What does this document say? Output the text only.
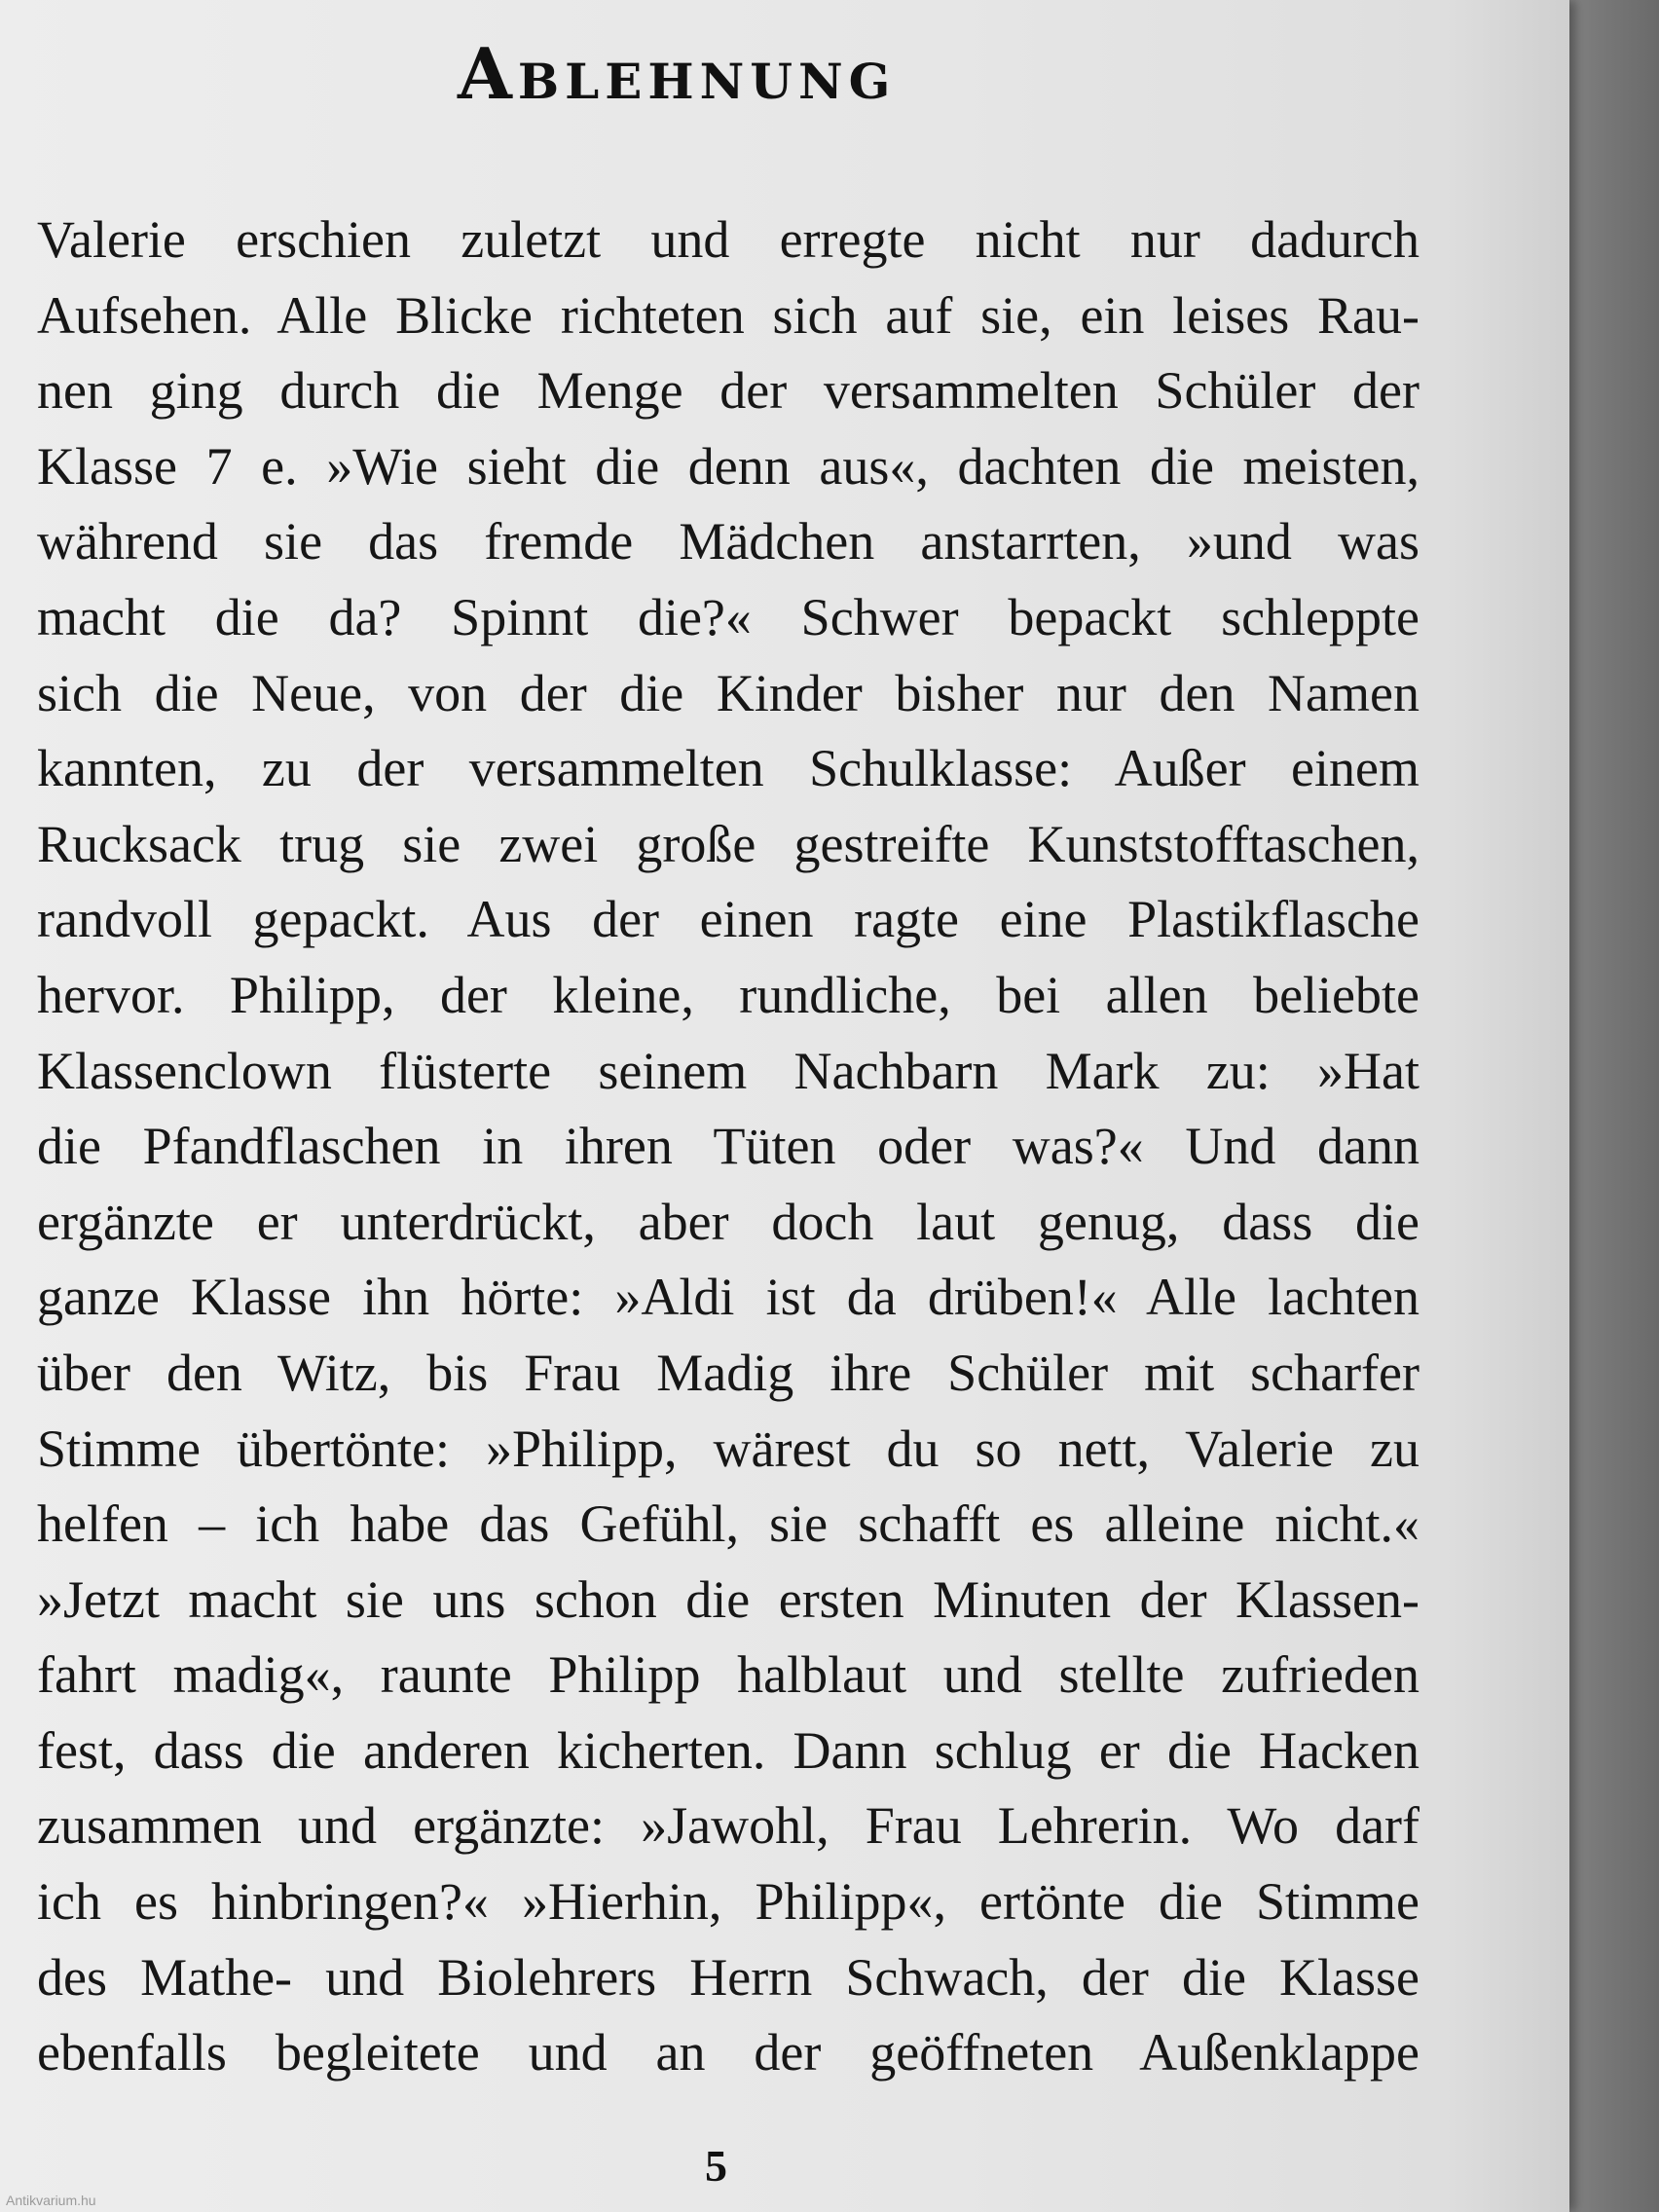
Ablehnung
Valerie erschien zuletzt und erregte nicht nur dadurch
Aufsehen. Alle Blicke richteten sich auf sie, ein leises Rau-
nen ging durch die Menge der versammelten Schüler der
Klasse 7 e. »Wie sieht die denn aus«, dachten die meisten,
während sie das fremde Mädchen anstarrten, »und was
macht die da? Spinnt die?« Schwer bepackt schleppte
sich die Neue, von der die Kinder bisher nur den Namen
kannten, zu der versammelten Schulklasse: Außer einem
Rucksack trug sie zwei große gestreifte Kunststofftaschen,
randvoll gepackt. Aus der einen ragte eine Plastikflasche
hervor. Philipp, der kleine, rundliche, bei allen beliebte
Klassenclown flüsterte seinem Nachbarn Mark zu: »Hat
die Pfandflaschen in ihren Tüten oder was?« Und dann
ergänzte er unterdrückt, aber doch laut genug, dass die
ganze Klasse ihn hörte: »Aldi ist da drüben!« Alle lachten
über den Witz, bis Frau Madig ihre Schüler mit scharfer
Stimme übertönte: »Philipp, wärest du so nett, Valerie zu
helfen – ich habe das Gefühl, sie schafft es alleine nicht.«
»Jetzt macht sie uns schon die ersten Minuten der Klassen-
fahrt madig«, raunte Philipp halblaut und stellte zufrieden
fest, dass die anderen kicherten. Dann schlug er die Hacken
zusammen und ergänzte: »Jawohl, Frau Lehrerin. Wo darf
ich es hinbringen?« »Hierhin, Philipp«, ertönte die Stimme
des Mathe- und Biolehrers Herrn Schwach, der die Klasse
ebenfalls begleitete und an der geöffneten Außenklappe
5
Antikvarium.hu
